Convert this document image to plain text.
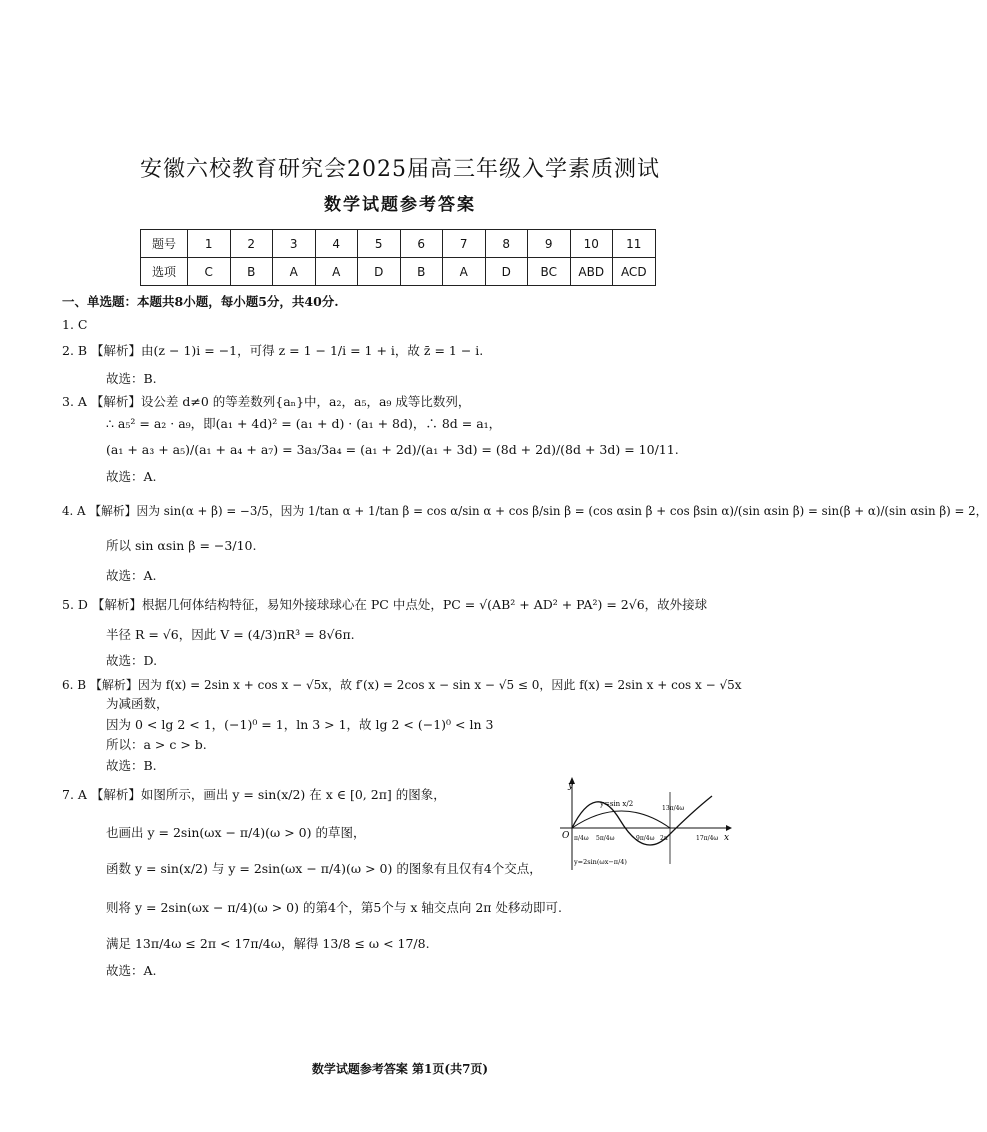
安徽六校教育研究会2025届高三年级入学素质测试
数学试题参考答案
题号	1	2	3	4	5	6	7	8	9	10	11
选项	C	B	A	A	D	B	A	D	BC	ABD	ACD
一、单选题：本题共8小题，每小题5分，共40分.
1. C
2. B 【解析】由(z − 1)i = −1，可得 z = 1 − 1/i = 1 + i，故 z̄ = 1 − i.
故选：B.
3. A 【解析】设公差 d≠0 的等差数列{aₙ}中，a₂，a₅，a₉ 成等比数列，
∴ a₅² = a₂ · a₉，即(a₁ + 4d)² = (a₁ + d) · (a₁ + 8d)，∴ 8d = a₁，
(a₁ + a₃ + a₅)/(a₁ + a₄ + a₇) = 3a₃/3a₄ = (a₁ + 2d)/(a₁ + 3d) = (8d + 2d)/(8d + 3d) = 10/11.
故选：A.
4. A 【解析】因为 sin(α + β) = −3/5，因为 1/tan α + 1/tan β = cos α/sin α + cos β/sin β = (cos αsin β + cos βsin α)/(sin αsin β) = sin(β + α)/(sin αsin β) = 2，
所以 sin αsin β = −3/10.
故选：A.
5. D 【解析】根据几何体结构特征，易知外接球球心在 PC 中点处，PC = √(AB² + AD² + PA²) = 2√6，故外接球
半径 R = √6，因此 V = (4/3)πR³ = 8√6π.
故选：D.
6. B 【解析】因为 f(x) = 2sin x + cos x − √5x，故 f′(x) = 2cos x − sin x − √5 ≤ 0，因此 f(x) = 2sin x + cos x − √5x
为减函数，
因为 0 < lg 2 < 1，(−1)⁰ = 1，ln 3 > 1，故 lg 2 < (−1)⁰ < ln 3
所以：a > c > b.
故选：B.
7. A 【解析】如图所示，画出 y = sin(x/2) 在 x ∈ [0, 2π] 的图象，
也画出 y = 2sin(ωx − π/4)(ω > 0) 的草图，
函数 y = sin(x/2) 与 y = 2sin(ωx − π/4)(ω > 0) 的图象有且仅有4个交点，
则将 y = 2sin(ωx − π/4)(ω > 0) 的第4个，第5个与 x 轴交点向 2π 处移动即可.
满足 13π/4ω ≤ 2π < 17π/4ω，解得 13/8 ≤ ω < 17/8.
故选：A.
y
x
O
y=sin x/2
y=2sin(ωx−π/4)
π/4ω 5π/4ω	9π/4ω 2π
13π/4ω
17π/4ω
数学试题参考答案 第1页(共7页)
